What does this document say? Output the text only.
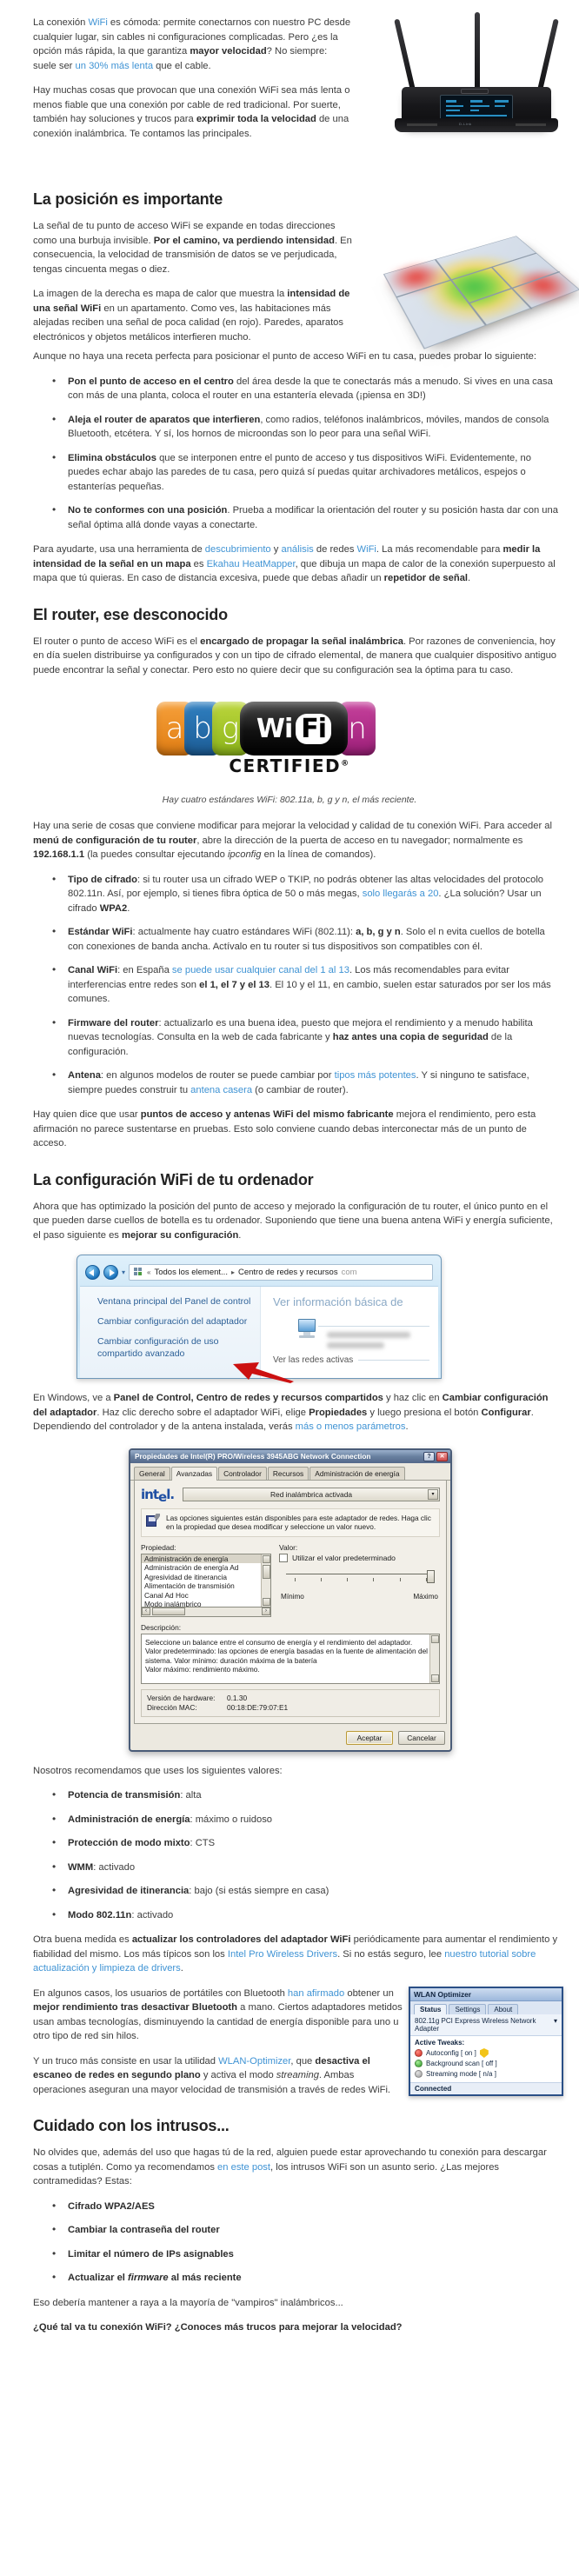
D-Link

La conexión WiFi es cómoda: permite conectarnos con nuestro PC desde cualquier lugar, sin cables ni configuraciones complicadas. Pero ¿es la opción más rápida, la que garantiza mayor velocidad? No siempre: suele ser un 30% más lenta que el cable.

Hay muchas cosas que provocan que una conexión WiFi sea más lenta o menos fiable que una conexión por cable de red tradicional. Por suerte, también hay soluciones y trucos para exprimir toda la velocidad de una conexión inalámbrica. Te contamos las principales.

La posición es importante

La señal de tu punto de acceso WiFi se expande en todas direcciones como una burbuja invisible. Por el camino, va perdiendo intensidad. En consecuencia, la velocidad de transmisión de datos se ve perjudicada, tengas cincuenta megas o diez.

La imagen de la derecha es mapa de calor que muestra la intensidad de una señal WiFi en un apartamento. Como ves, las habitaciones más alejadas reciben una señal de poca calidad (en rojo). Paredes, aparatos electrónicos y objetos metálicos interfieren mucho.

Aunque no haya una receta perfecta para posicionar el punto de acceso WiFi en tu casa, puedes probar lo siguiente:

• Pon el punto de acceso en el centro del área desde la que te conectarás más a menudo. Si vives en una casa con más de una planta, coloca el router en una estantería elevada (¡piensa en 3D!)
• Aleja el router de aparatos que interfieren, como radios, teléfonos inalámbricos, móviles, mandos de consola Bluetooth, etcétera. Y sí, los hornos de microondas son lo peor para una señal WiFi.
• Elimina obstáculos que se interponen entre el punto de acceso y tus dispositivos WiFi. Evidentemente, no puedes echar abajo las paredes de tu casa, pero quizá sí puedas quitar archivadores metálicos, espejos o estanterías pequeñas.
• No te conformes con una posición. Prueba a modificar la orientación del router y su posición hasta dar con una señal óptima allá donde vayas a conectarte.

Para ayudarte, usa una herramienta de descubrimiento y análisis de redes WiFi. La más recomendable para medir la intensidad de la señal en un mapa es Ekahau HeatMapper, que dibuja un mapa de calor de la conexión superpuesto al mapa que tú quieras. En caso de distancia excesiva, puede que debas añadir un repetidor de señal.

El router, ese desconocido

El router o punto de acceso WiFi es el encargado de propagar la señal inalámbrica. Por razones de conveniencia, hoy en día suelen distribuirse ya configurados y con un tipo de cifrado elemental, de manera que cualquier dispositivo antiguo puede encontrar la señal y conectar. Pero esto no quiere decir que su configuración sea la óptima para tu caso.

a b g Wi Fi n
CERTIFIED®
Hay cuatro estándares WiFi: 802.11a, b, g y n, el más reciente.

Hay una serie de cosas que conviene modificar para mejorar la velocidad y calidad de tu conexión WiFi. Para acceder al menú de configuración de tu router, abre la dirección de la puerta de acceso en tu navegador; normalmente es 192.168.1.1 (la puedes consultar ejecutando ipconfig en la línea de comandos).

• Tipo de cifrado: si tu router usa un cifrado WEP o TKIP, no podrás obtener las altas velocidades del protocolo 802.11n. Así, por ejemplo, si tienes fibra óptica de 50 o más megas, solo llegarás a 20. ¿La solución? Usar un cifrado WPA2.
• Estándar WiFi: actualmente hay cuatro estándares WiFi (802.11): a, b, g y n. Solo el n evita cuellos de botella con conexiones de banda ancha. Actívalo en tu router si tus dispositivos son compatibles con él.
• Canal WiFi: en España se puede usar cualquier canal del 1 al 13. Los más recomendables para evitar interferencias entre redes son el 1, el 7 y el 13. El 10 y el 11, en cambio, suelen estar saturados por ser los más comunes.
• Firmware del router: actualizarlo es una buena idea, puesto que mejora el rendimiento y a menudo habilita nuevas tecnologías. Consulta en la web de cada fabricante y haz antes una copia de seguridad de la configuración.
• Antena: en algunos modelos de router se puede cambiar por tipos más potentes. Y si ninguno te satisface, siempre puedes construir tu antena casera (o cambiar de router).

Hay quien dice que usar puntos de acceso y antenas WiFi del mismo fabricante mejora el rendimiento, pero esta afirmación no parece sustentarse en pruebas. Esto solo conviene cuando debas interconectar más de un punto de acceso.

La configuración WiFi de tu ordenador

Ahora que has optimizado la posición del punto de acceso y mejorado la configuración de tu router, el único punto en el que pueden darse cuellos de botella es tu ordenador. Suponiendo que tiene una buena antena WiFi y energía suficiente, el paso siguiente es mejorar su configuración.

▾	« Todos los element... ▸ Centro de redes y recursos com
Ventana principal del Panel de control
Cambiar configuración del adaptador
Cambiar configuración de uso compartido avanzado
Ver información básica de
Ver las redes activas

En Windows, ve a Panel de Control, Centro de redes y recursos compartidos y haz clic en Cambiar configuración del adaptador. Haz clic derecho sobre el adaptador WiFi, elige Propiedades y luego presiona el botón Configurar. Dependiendo del controlador y de la antena instalada, verás más o menos parámetros.

Propiedades de Intel(R) PRO/Wireless 3945ABG Network Connection	?	✕
General	Avanzadas	Controlador	Recursos	Administración de energía
intel.	Red inalámbrica activada	▾

Las opciones siguientes están disponibles para este adaptador de redes. Haga clic en la propiedad que desea modificar y seleccione un valor nuevo.

Propiedad:
Administración de energía
Administración de energía Ad
Agresividad de itinerancia
Alimentación de transmisión
Canal Ad Hoc
Modo inalámbrico
‹	›
Valor:
Utilizar el valor predeterminado
Mínimo	Máximo
Descripción:
Seleccione un balance entre el consumo de energía y el rendimiento del adaptador. Valor predeterminado: las opciones de energía basadas en la fuente de alimentación del sistema. Valor mínimo: duración máxima de la batería
Valor máximo: rendimiento máximo.
Versión de hardware:	0.1.30
Dirección MAC:	00:18:DE:79:07:E1
Aceptar	Cancelar

Nosotros recomendamos que uses los siguientes valores:

• Potencia de transmisión: alta
• Administración de energía: máximo o ruidoso
• Protección de modo mixto: CTS
• WMM: activado
• Agresividad de itinerancia: bajo (si estás siempre en casa)
• Modo 802.11n: activado

Otra buena medida es actualizar los controladores del adaptador WiFi periódicamente para aumentar el rendimiento y fiabilidad del mismo. Los más típicos son los Intel Pro Wireless Drivers. Si no estás seguro, lee nuestro tutorial sobre actualización y limpieza de drivers.

WLAN Optimizer
Status	Settings	About
802.11g PCI Express Wireless Network Adapter
▾
Active Tweaks:
Autoconfig [ on ]
Background scan [ off ]
Streaming mode [ n/a ]
Connected

En algunos casos, los usuarios de portátiles con Bluetooth han afirmado obtener un mejor rendimiento tras desactivar Bluetooth a mano. Ciertos adaptadores metidos usan ambas tecnologías, disminuyendo la cantidad de energía disponible para uno u otro tipo de red sin hilos.

Y un truco más consiste en usar la utilidad WLAN-Optimizer, que desactiva el escaneo de redes en segundo plano y activa el modo streaming. Ambas operaciones aseguran una mayor velocidad de transmisión a través de redes WiFi.

Cuidado con los intrusos...

No olvides que, además del uso que hagas tú de la red, alguien puede estar aprovechando tu conexión para descargar cosas a tutiplén. Como ya recomendamos en este post, los intrusos WiFi son un asunto serio. ¿Las mejores contramedidas? Estas:

• Cifrado WPA2/AES
• Cambiar la contraseña del router
• Limitar el número de IPs asignables
• Actualizar el firmware al más reciente

Eso debería mantener a raya a la mayoría de "vampiros" inalámbricos...

¿Qué tal va tu conexión WiFi? ¿Conoces más trucos para mejorar la velocidad?
